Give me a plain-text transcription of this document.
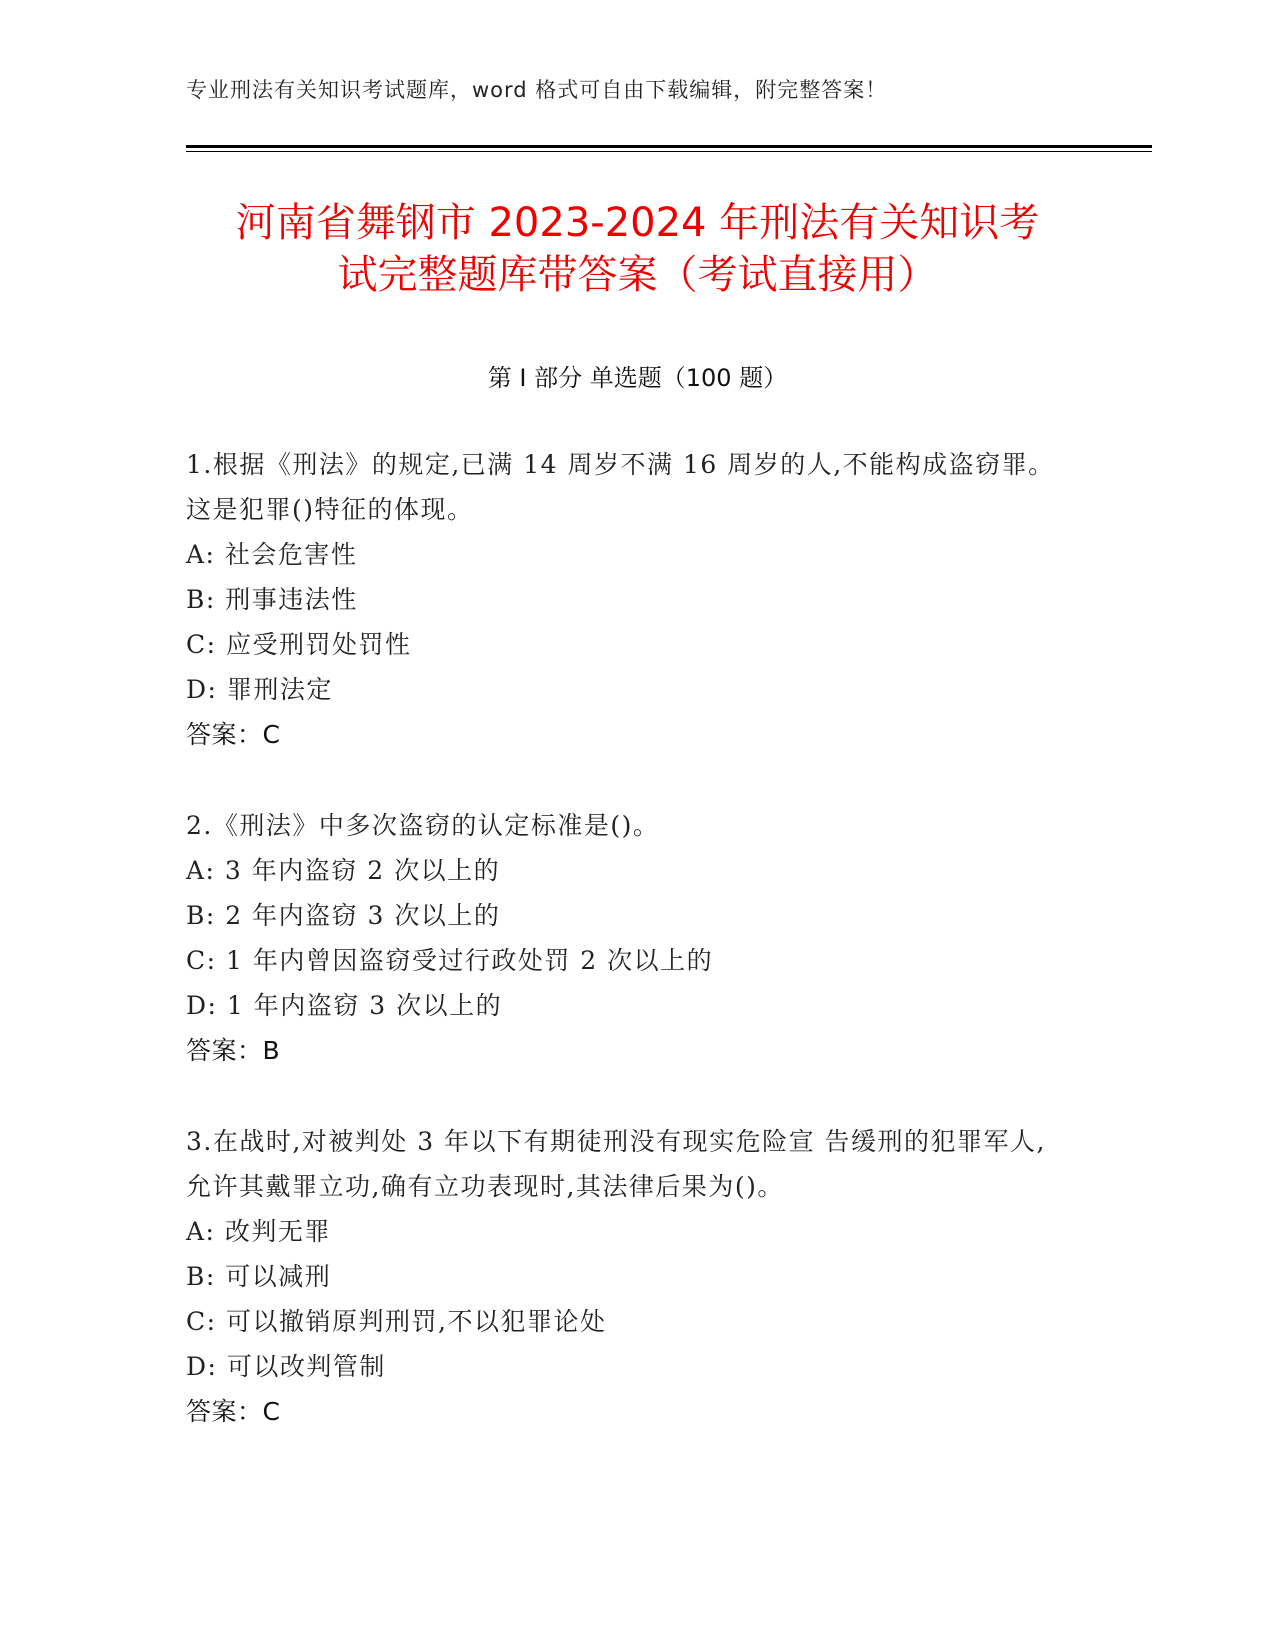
专业刑法有关知识考试题库，word 格式可自由下载编辑，附完整答案！
河南省舞钢市 2023-2024 年刑法有关知识考
试完整题库带答案（考试直接用）
第 I 部分 单选题（100 题）

1.根据《刑法》的规定,已满 14 周岁不满 16 周岁的人,不能构成盗窃罪。这是犯罪()特征的体现。

A: 社会危害性

B: 刑事违法性

C: 应受刑罚处罚性

D: 罪刑法定

答案：C

2.《刑法》中多次盗窃的认定标准是()。

A: 3 年内盗窃 2 次以上的

B: 2 年内盗窃 3 次以上的

C: 1 年内曾因盗窃受过行政处罚 2 次以上的

D: 1 年内盗窃 3 次以上的

答案：B

3.在战时,对被判处 3 年以下有期徒刑没有现实危险宣 告缓刑的犯罪军人,允许其戴罪立功,确有立功表现时,其法律后果为()。

A: 改判无罪

B: 可以减刑

C: 可以撤销原判刑罚,不以犯罪论处

D: 可以改判管制

答案：C
